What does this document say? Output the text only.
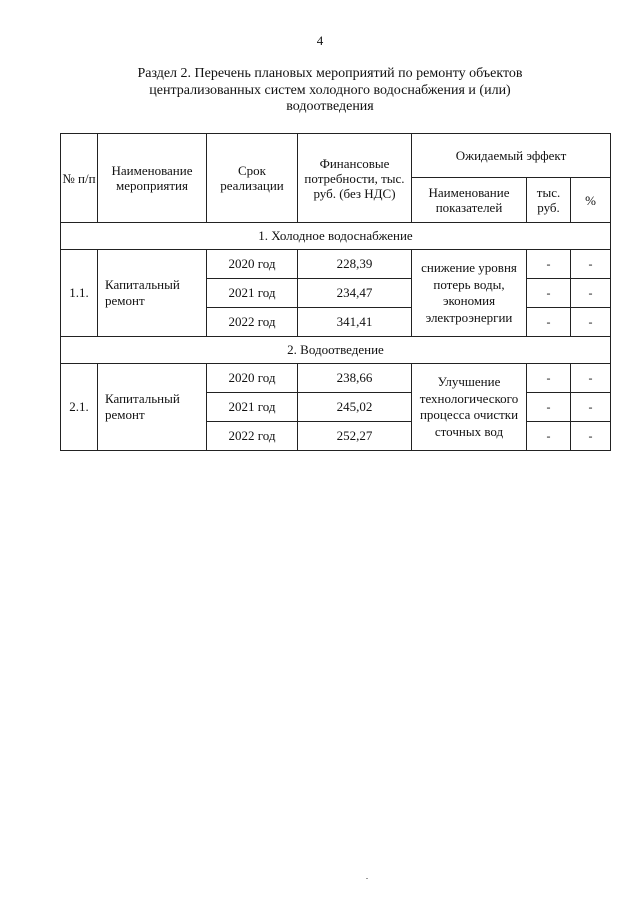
4
Раздел 2. Перечень плановых мероприятий по ремонту объектов
централизованных систем холодного водоснабжения и (или)
водоотведения
№ п/п	Наименование мероприятия	Срок реализации	Финансовые потребности, тыс. руб. (без НДС)	Ожидаемый эффект		
				Наименование показателей	тыс. руб.	%
1. Холодное водоснабжение						
1.1.	Капитальный ремонт	2020 год	228,39	снижение уровня потерь воды, экономия электроэнергии	-	-
		2021 год	234,47		-	-
		2022 год	341,41		-	-
2. Водоотведение						
2.1.	Капитальный ремонт	2020 год	238,66	Улучшение технологического процесса очистки сточных вод	-	-
		2021 год	245,02		-	-
		2022 год	252,27		-	-
